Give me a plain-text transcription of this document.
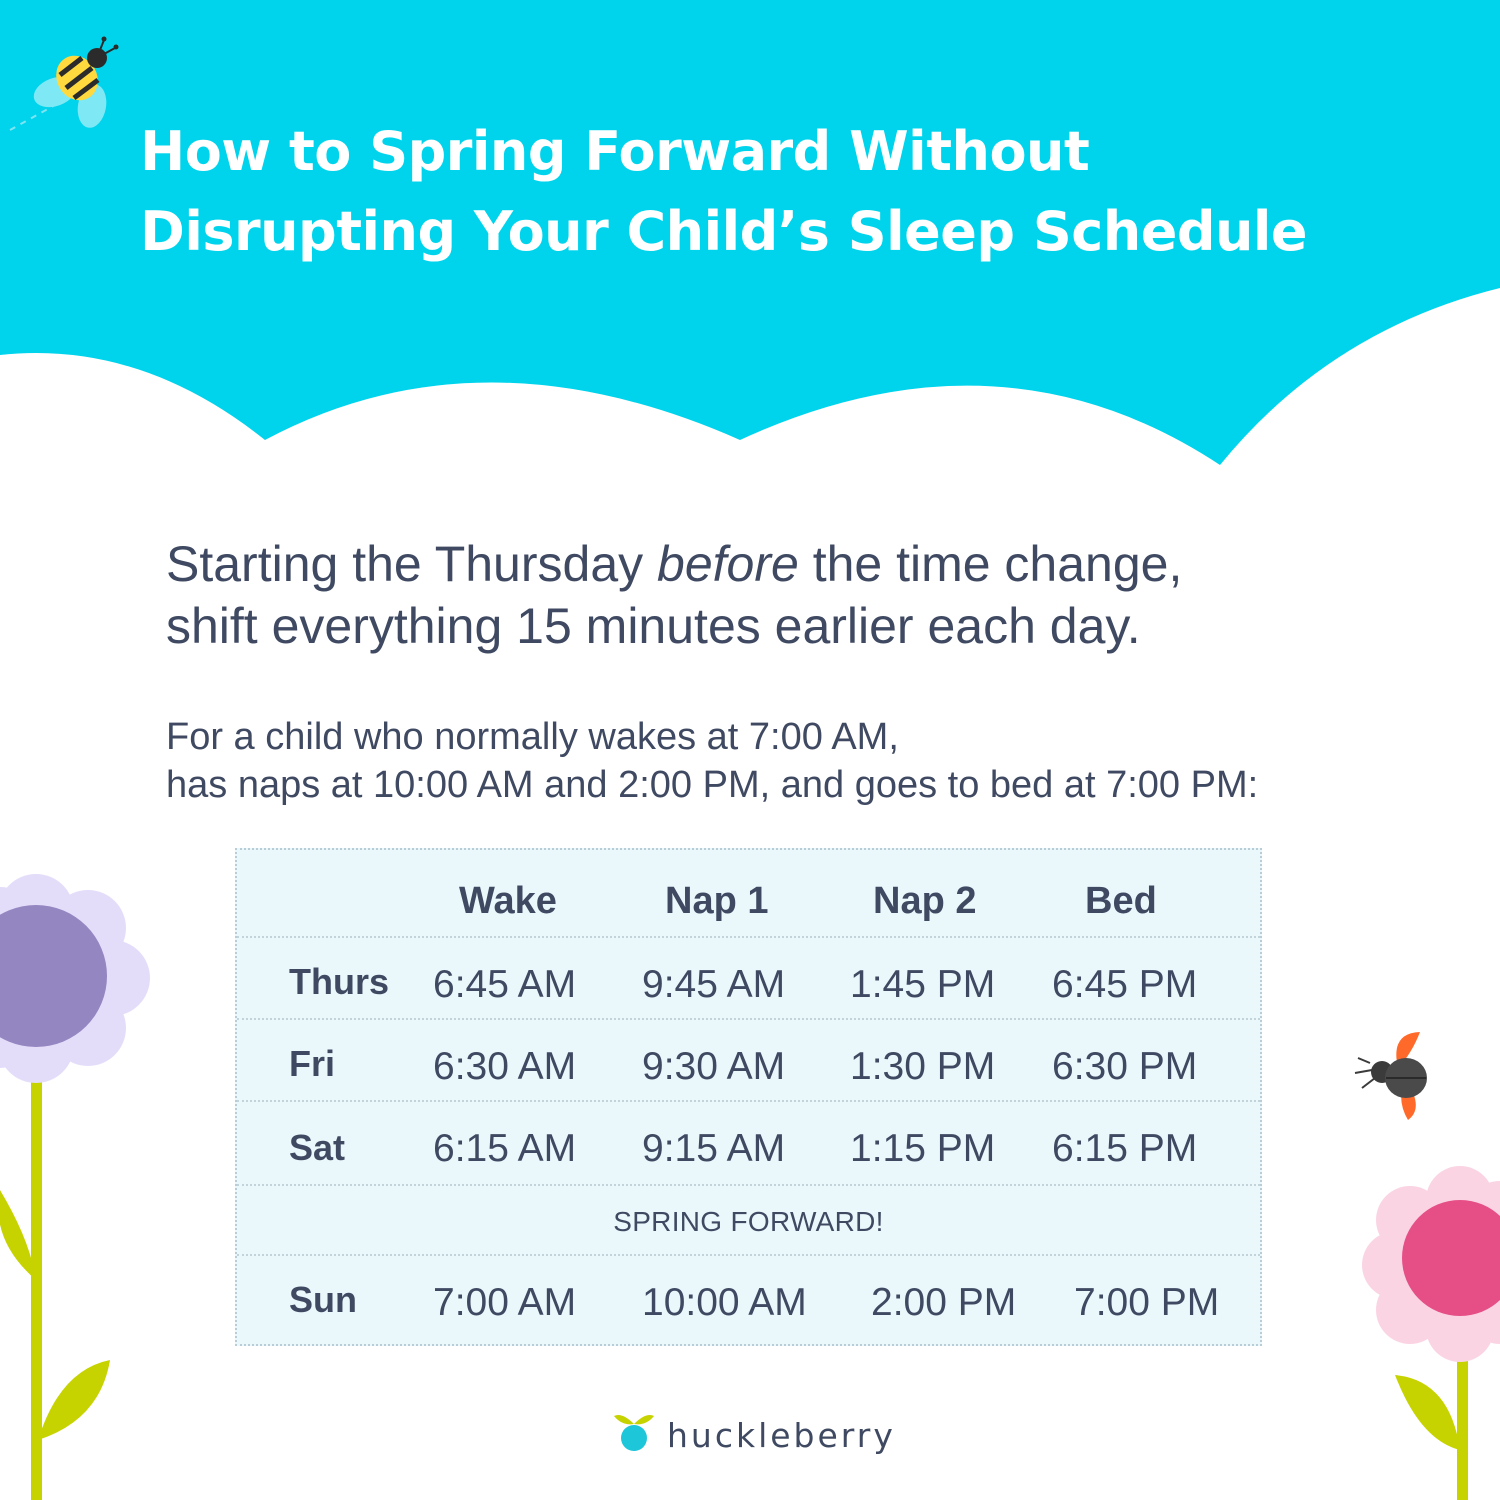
How to Spring Forward Without
Disrupting Your Child’s Sleep Schedule

Starting the Thursday before the time change,
shift everything 15 minutes earlier each day.

For a child who normally wakes at 7:00 AM,
has naps at 10:00 AM and 2:00 PM, and goes to bed at 7:00 PM:

Wake	Nap 1	Nap 2	Bed
Thurs 6:45 AM 9:45 AM 1:45 PM 6:45 PM
Fri	6:30 AM 9:30 AM 1:30 PM 6:30 PM
Sat 6:15 AM 9:15 AM 1:15 PM 6:15 PM
SPRING FORWARD!
Sun 7:00 AM 10:00 AM 2:00 PM 7:00 PM
huckleberry
